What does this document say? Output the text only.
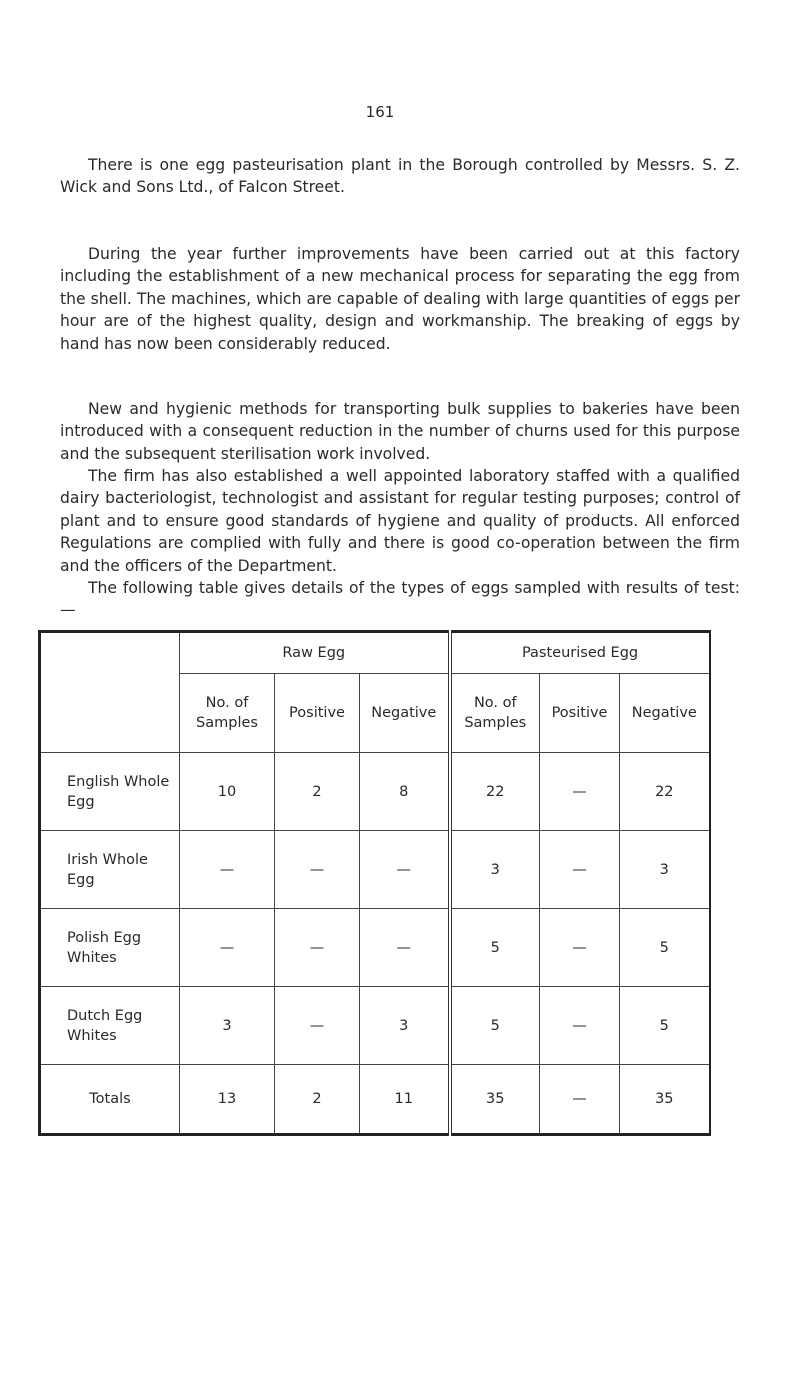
161

There is one egg pasteurisation plant in the Borough controlled by Messrs. S. Z. Wick and Sons Ltd., of Falcon Street.

During the year further improvements have been carried out at this factory including the establishment of a new mechanical process for separating the egg from the shell. The machines, which are capable of dealing with large quantities of eggs per hour are of the highest quality, design and workmanship. The breaking of eggs by hand has now been considerably reduced.

New and hygienic methods for transporting bulk supplies to bakeries have been introduced with a consequent reduction in the number of churns used for this purpose and the subsequent sterilisation work involved.

The firm has also established a well appointed laboratory staffed with a qualified dairy bacteriologist, technologist and assistant for regular testing purposes; control of plant and to ensure good standards of hygiene and quality of products. All enforced Regulations are complied with fully and there is good co-operation between the firm and the officers of the Department.

The following table gives details of the types of eggs sampled with results of test:—

	Raw Egg			Pasteurised Egg		
	No. of Samples	Positive	Negative	No. of Samples	Positive	Negative
English Whole Egg	10	2	8	22	—	22
Irish Whole Egg	—	—	—	3	—	3
Polish Egg Whites	—	—	—	5	—	5
Dutch Egg Whites	3	—	3	5	—	5
Totals	13	2	11	35	—	35
